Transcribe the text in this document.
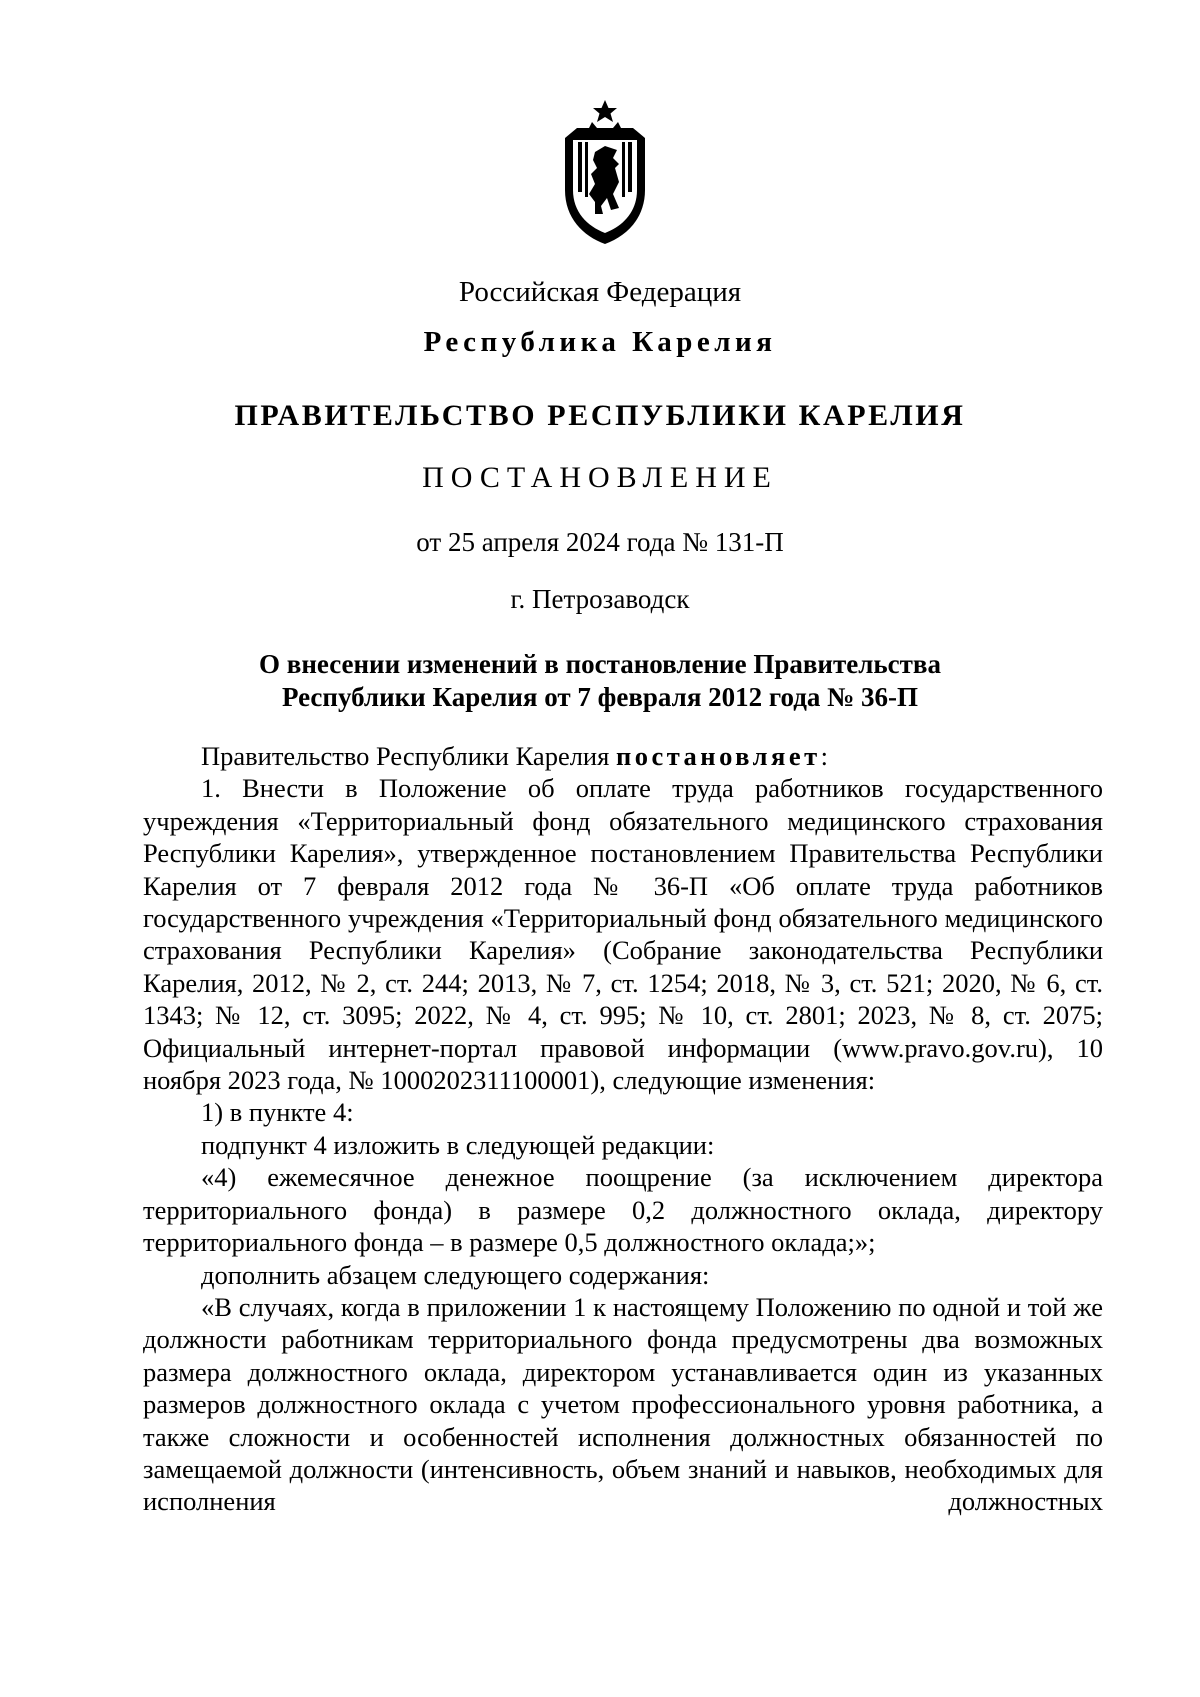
Российская Федерация
Республика Карелия
ПРАВИТЕЛЬСТВО РЕСПУБЛИКИ КАРЕЛИЯ
ПОСТАНОВЛЕНИЕ
от 25 апреля 2024 года № 131-П
г. Петрозаводск
О внесении изменений в постановление Правительства
Республики Карелия от 7 февраля 2012 года № 36-П

Правительство Республики Карелия постановляет:

1. Внести в Положение об оплате труда работников государственного учреждения «Территориальный фонд обязательного медицинского страхования Республики Карелия», утвержденное постановлением Правительства Республики Карелия от 7 февраля 2012 года № 36-П «Об оплате труда работников государственного учреждения «Территориальный фонд обязательного медицинского страхования Республики Карелия» (Собрание законодательства Республики Карелия, 2012, № 2, ст. 244; 2013, № 7, ст. 1254; 2018, № 3, ст. 521; 2020, № 6, ст. 1343; № 12, ст. 3095; 2022, № 4, ст. 995; № 10, ст. 2801; 2023, № 8, ст. 2075; Официальный интернет-портал правовой информации (www.pravo.gov.ru), 10 ноября 2023 года, № 1000202311100001), следующие изменения:

1) в пункте 4:

подпункт 4 изложить в следующей редакции:

«4) ежемесячное денежное поощрение (за исключением директора территориального фонда) в размере 0,2 должностного оклада, директору территориального фонда – в размере 0,5 должностного оклада;»;

дополнить абзацем следующего содержания:

«В случаях, когда в приложении 1 к настоящему Положению по одной и той же должности работникам территориального фонда предусмотрены два возможных размера должностного оклада, директором устанавливается один из указанных размеров должностного оклада с учетом профессионального уровня работника, а также сложности и особенностей исполнения должностных обязанностей по замещаемой должности (интенсивность, объем знаний и навыков, необходимых для исполнения должностных
